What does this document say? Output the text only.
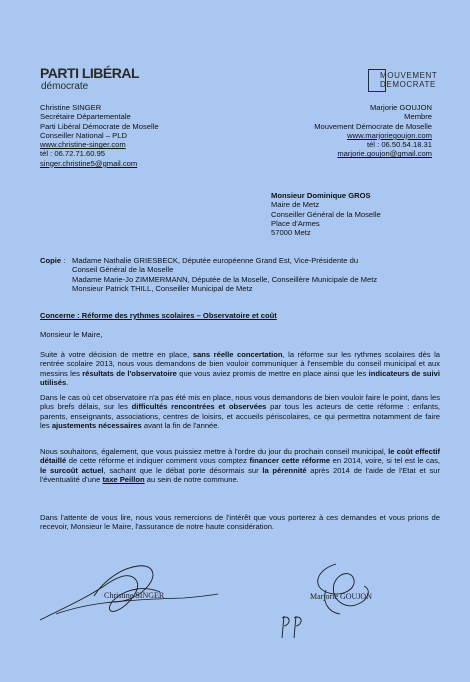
PARTI LIBÉRAL
démocrate
MOUVEMENT
DEMOCRATE
Christine SINGER
Secrétaire Départementale
Parti Libéral Démocrate de Moselle
Conseiller National – PLD
www.christine-singer.com
tél : 06.72.71.60.95
singer.christine5@gmail.com
Marjorie GOUJON
Membre
Mouvement Démocrate de Moselle
www.marjoriegoujon.com
tél : 06.50.54.18.31
marjorie.goujon@gmail.com
Monsieur Dominique GROS
Maire de Metz
Conseiller Général de la Moselle
Place d'Armes
57000 Metz
Copie : Madame Nathalie GRIESBECK, Députée européenne Grand Est, Vice-Présidente du
Conseil Général de la Moselle
Madame Marie-Jo ZIMMERMANN, Députée de la Moselle, Conseillère Municipale de Metz
Monsieur Patrick THILL, Conseiller Municipal de Metz
Concerne : Réforme des rythmes scolaires – Observatoire et coût
Monsieur le Maire,
Suite à votre décision de mettre en place, sans réelle concertation, la réforme sur les rythmes scolaires dès la rentrée scolaire 2013, nous vous demandons de bien vouloir communiquer à l'ensemble du conseil municipal et aux messins les résultats de l'observatoire que vous aviez promis de mettre en place ainsi que les indicateurs de suivi utilisés.
Dans le cas où cet observatoire n'a pas été mis en place, nous vous demandons de bien vouloir faire le point, dans les plus brefs délais, sur les difficultés rencontrées et observées par tous les acteurs de cette réforme : enfants, parents, enseignants, associations, centres de loisirs, et accueils périscolaires, ce qui permettra notamment de faire les ajustements nécessaires avant la fin de l'année.
Nous souhaitons, également, que vous puissiez mettre à l'ordre du jour du prochain conseil municipal, le coût effectif détaillé de cette réforme et indiquer comment vous comptez financer cette réforme en 2014, voire, si tel est le cas, le surcoût actuel, sachant que le débat porte désormais sur la pérennité après 2014 de l'aide de l'Etat et sur l'éventualité d'une taxe Peillon au sein de notre commune.
Dans l'attente de vous lire, nous vous remercions de l'intérêt que vous porterez à ces demandes et vous prions de recevoir, Monsieur le Maire, l'assurance de notre haute considération.
Christine SINGER	Marjorie GOUJON
